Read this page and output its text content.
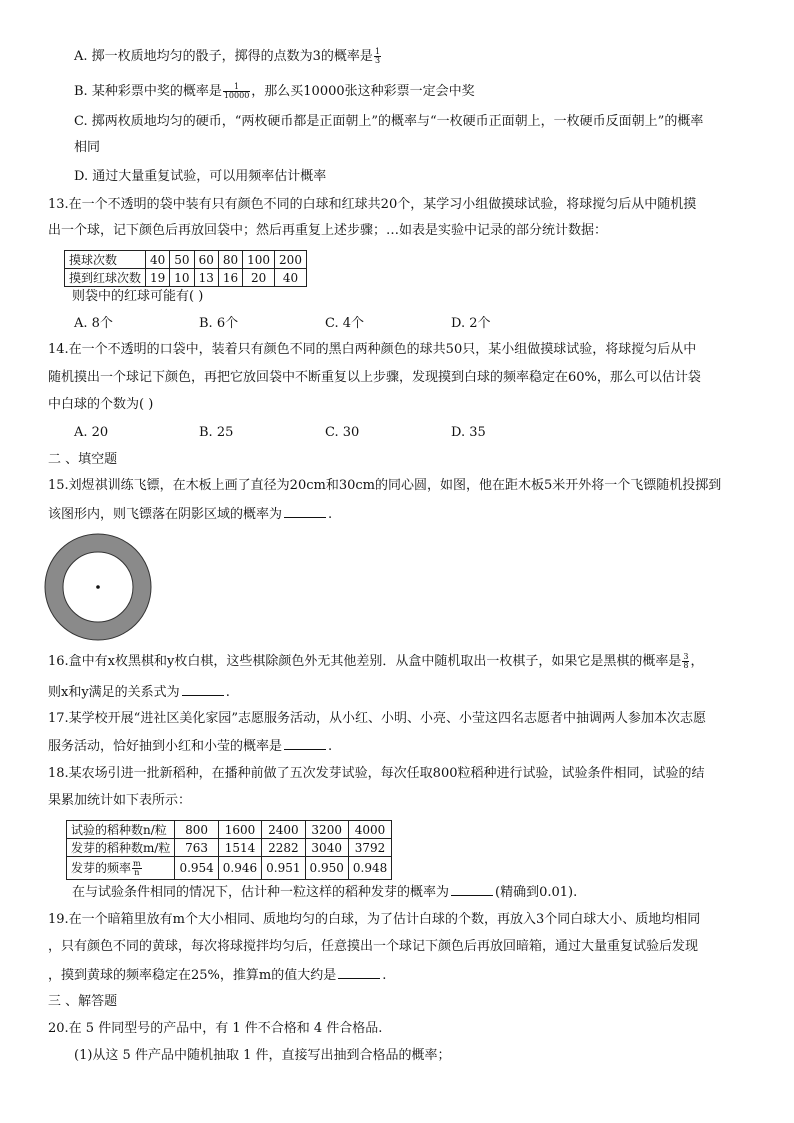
A. 掷一枚质地均匀的骰子，掷得的点数为3的概率是 $\frac{1}{3}$
B. 某种彩票中奖的概率是 $\frac{1}{10000}$ ，那么买10000张这种彩票一定会中奖
C. 掷两枚质地均匀的硬币，“两枚硬币都是正面朝上”的概率与“一枚硬币正面朝上，一枚硬币反面朝上”的概率
相同
D. 通过大量重复试验，可以用频率估计概率
13.在一个不透明的袋中装有只有颜色不同的白球和红球共20个，某学习小组做摸球试验，将球搅匀后从中随机摸
出一个球，记下颜色后再放回袋中；然后再重复上述步骤；…如表是实验中记录的部分统计数据：
摸球次数	40	50	60	80	100	200
摸到红球次数	19	10	13	16	20	40
则袋中的红球可能有( )
A. 8个	B. 6个	C. 4个	D. 2个
14.在一个不透明的口袋中，装着只有颜色不同的黑白两种颜色的球共50只，某小组做摸球试验，将球搅匀后从中
随机摸出一个球记下颜色，再把它放回袋中不断重复以上步骤，发现摸到白球的频率稳定在60%，那么可以估计袋
中白球的个数为( )
A. 20	B. 25	C. 30	D. 35
二 、填空题
15.刘煜祺训练飞镖，在木板上画了直径为20cm和30cm的同心圆，如图，他在距木板5米开外将一个飞镖随机投掷到
该图形内，则飞镖落在阴影区域的概率为	.
16.盒中有x枚黑棋和y枚白棋，这些棋除颜色外无其他差别．从盒中随机取出一枚棋子，如果它是黑棋的概率是 $\frac{3}{8}$ ，
则x和y满足的关系式为	.
17.某学校开展“进社区美化家园”志愿服务活动，从小红、小明、小亮、小莹这四名志愿者中抽调两人参加本次志愿
服务活动，恰好抽到小红和小莹的概率是	.
18.某农场引进一批新稻种，在播种前做了五次发芽试验，每次任取800粒稻种进行试验，试验条件相同，试验的结
果累加统计如下表所示：
试验的稻种数n/粒	800	1600	2400	3200	4000
发芽的稻种数m/粒	763	1514	2282	3040	3792
发芽的频率 $\frac{m}{n}$	0.954	0.946	0.951	0.950	0.948
在与试验条件相同的情况下，估计种一粒这样的稻种发芽的概率为	(精确到0.01).
19.在一个暗箱里放有m个大小相同、质地均匀的白球，为了估计白球的个数，再放入3个同白球大小、质地均相同
，只有颜色不同的黄球，每次将球搅拌均匀后，任意摸出一个球记下颜色后再放回暗箱，通过大量重复试验后发现
，摸到黄球的频率稳定在25%，推算m的值大约是	.
三 、解答题
20.在 5 件同型号的产品中，有 1 件不合格和 4 件合格品.
(1)从这 5 件产品中随机抽取 1 件，直接写出抽到合格品的概率；
